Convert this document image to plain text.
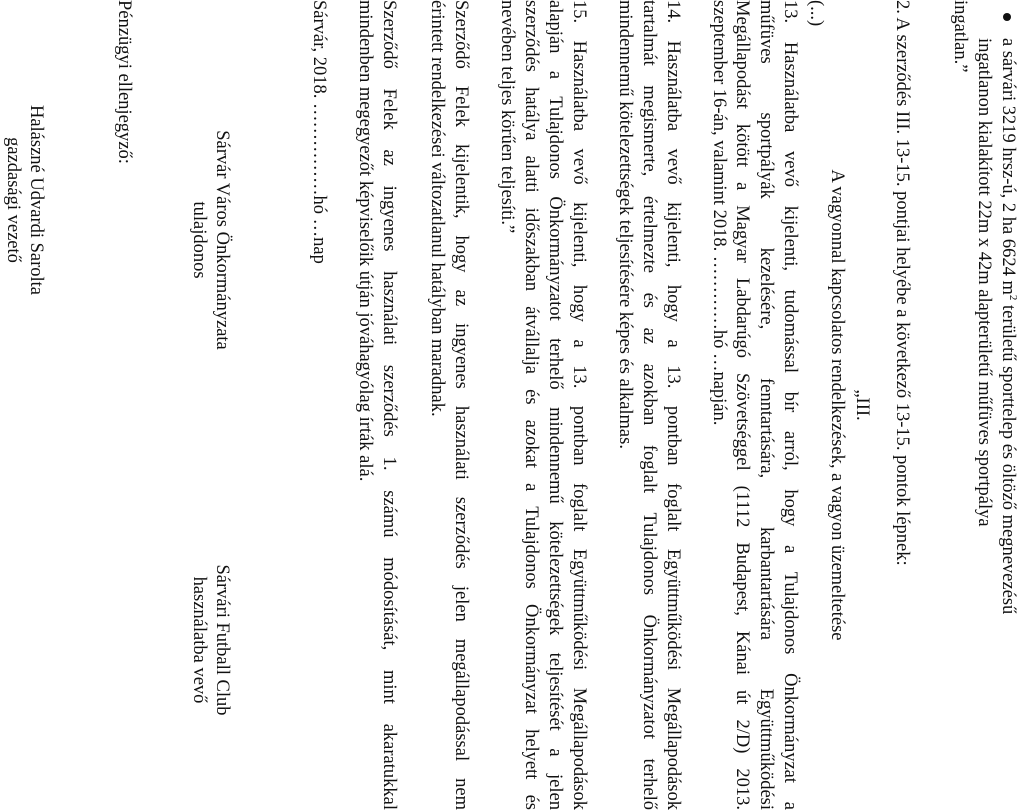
a sárvári 3219 hrsz-ú, 2 ha 6624 $m^2$ területű sporttelep és öltöző megnevezésű
ingatlanon kialakított 22m x 42m alapterületű műfüves sportpálya
ingatlan.”
2. A szerződés III. 13-15. pontjai helyébe a következő 13-15. pontok lépnek:
„III.
A vagyonnal kapcsolatos rendelkezések, a vagyon üzemeltetése
(...)
13. Használatba vevő kijelenti, tudomással bír arról, hogy a Tulajdonos Önkormányzat a
műfüves sportpályák kezelésére, fenntartására, karbantartására Együttműködési
Megállapodást kötött a Magyar Labdarúgó Szövetséggel (1112 Budapest, Kánai út 2/D) 2013.
szeptember 16-án, valamint 2018. …………hó …napján.
14. Használatba vevő kijelenti, hogy a 13. pontban foglalt Együttműködési Megállapodások
tartalmát megismerte, értelmezte és az azokban foglalt Tulajdonos Önkormányzatot terhelő
mindennemű kötelezettségek teljesítésére képes és alkalmas.
15. Használatba vevő kijelenti, hogy a 13. pontban foglalt Együttműködési Megállapodások
alapján a Tulajdonos Önkormányzatot terhelő mindennemű kötelezettségek teljesítését a jelen
szerződés hatálya alatti időszakban átvállalja és azokat a Tulajdonos Önkormányzat helyett és
nevében teljes körűen teljesíti.”
Szerződő Felek kijelentik, hogy az ingyenes használati szerződés jelen megállapodással nem
érintett rendelkezései változatlanul hatályban maradnak.
Szerződő Felek az ingyenes használati szerződés 1. számú módosítását, mint akaratukkal
mindenben megegyezőt képviselőik útján jóváhagyólag írták alá.
Sárvár, 2018. ……………hó …nap
Sárvár Város Önkormányzata
tulajdonos
Sárvári Futball Club
használatba vevő
Pénzügyi ellenjegyző:
Halászné Udvardi Sarolta
gazdasági vezető
